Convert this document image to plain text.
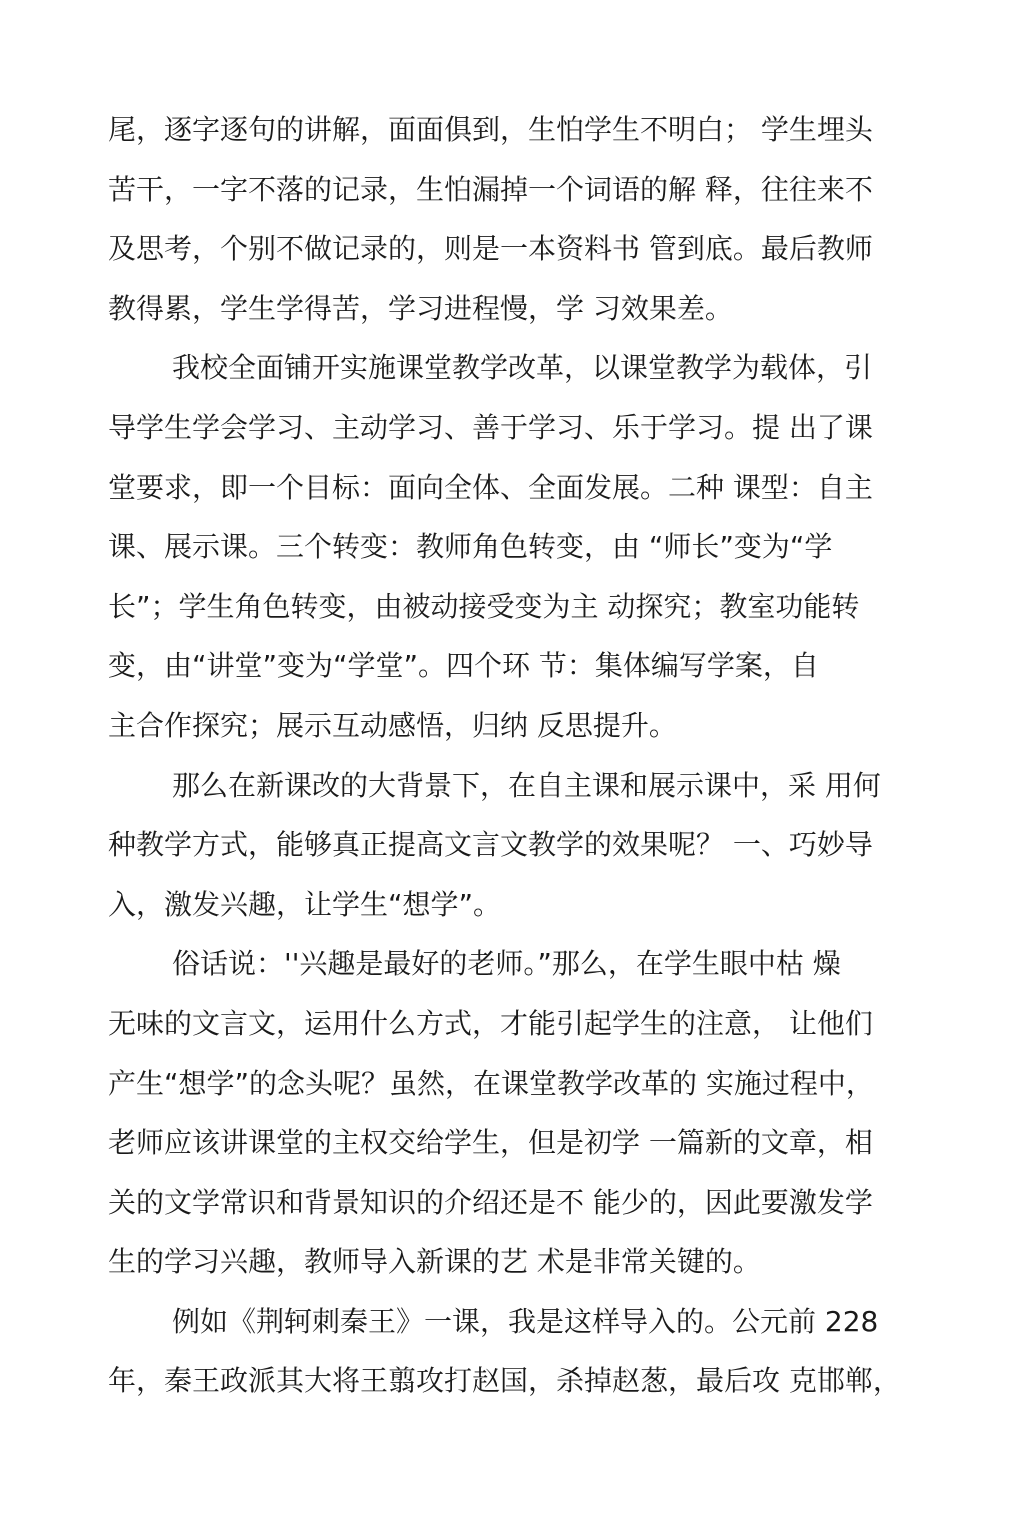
尾，逐字逐句的讲解，面面俱到，生怕学生不明白； 学生埋头
苦干，一字不落的记录，生怕漏掉一个词语的解 释，往往来不
及思考，个别不做记录的，则是一本资料书 管到底。最后教师
教得累，学生学得苦，学习进程慢，学 习效果差。
我校全面铺开实施课堂教学改革，以课堂教学为载体，引
导学生学会学习、主动学习、善于学习、乐于学习。提 出了课
堂要求，即一个目标：面向全体、全面发展。二种 课型：自主
课、展示课。三个转变：教师角色转变，由 “师长”变为“学
长”；学生角色转变，由被动接受变为主 动探究；教室功能转
变，由“讲堂”变为“学堂”。四个环 节：集体编写学案，自
主合作探究；展示互动感悟，归纳 反思提升。
那么在新课改的大背景下，在自主课和展示课中，采 用何
种教学方式，能够真正提高文言文教学的效果呢？ 一、巧妙导
入，激发兴趣，让学生“想学”。
俗话说：''兴趣是最好的老师。”那么，在学生眼中枯 燥
无味的文言文，运用什么方式，才能引起学生的注意， 让他们
产生“想学”的念头呢？虽然，在课堂教学改革的 实施过程中，
老师应该讲课堂的主权交给学生，但是初学 一篇新的文章，相
关的文学常识和背景知识的介绍还是不 能少的，因此要激发学
生的学习兴趣，教师导入新课的艺 术是非常关键的。
例如《荆轲刺秦王》一课，我是这样导入的。公元前 228
年，秦王政派其大将王翦攻打赵国，杀掉赵葱，最后攻 克邯郸，
